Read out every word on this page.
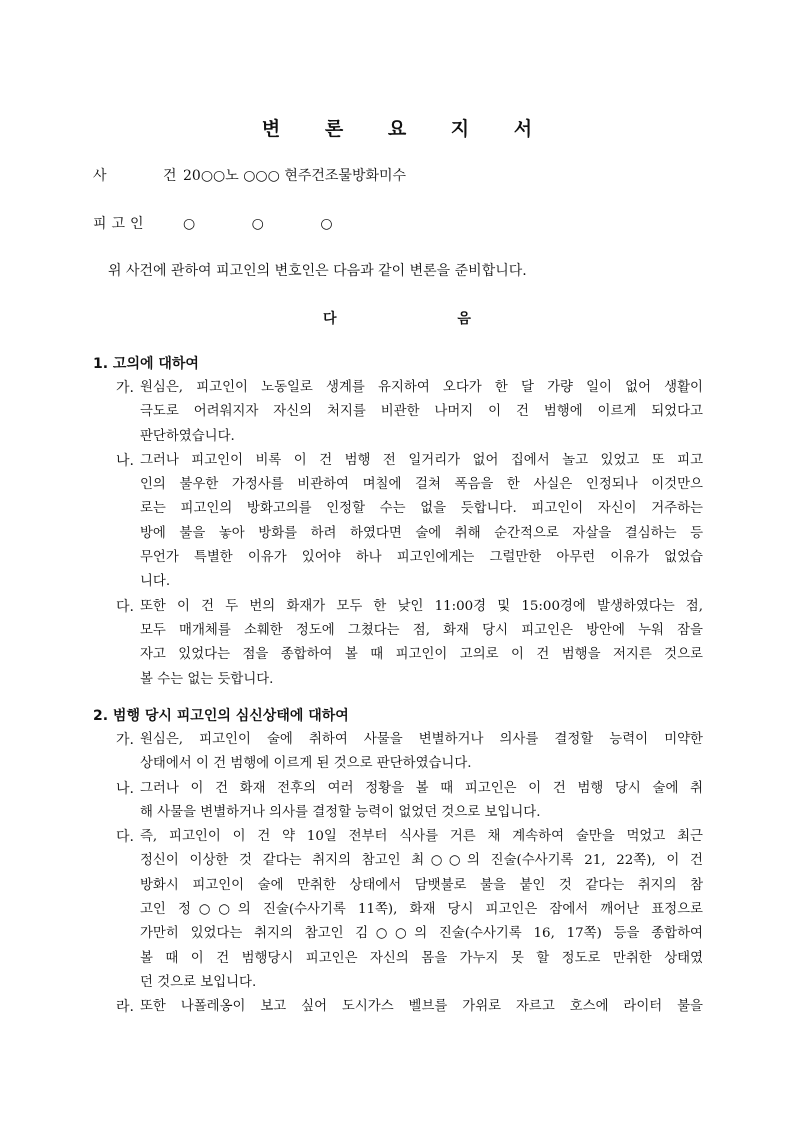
변 론 요 지 서
사 건20○○노 ○○○ 현주건조물방화미수
피고인 ○ ○ ○
위 사건에 관하여 피고인의 변호인은 다음과 같이 변론을 준비합니다.
다 음
1. 고의에 대하여
가. 원심은, 피고인이 노동일로 생계를 유지하여 오다가 한 달 가량 일이 없어 생활이
극도로 어려워지자 자신의 처지를 비관한 나머지 이 건 범행에 이르게 되었다고
판단하였습니다.
나. 그러나 피고인이 비록 이 건 범행 전 일거리가 없어 집에서 놀고 있었고 또 피고
인의 불우한 가정사를 비관하여 며칠에 걸쳐 폭음을 한 사실은 인정되나 이것만으
로는 피고인의 방화고의를 인정할 수는 없을 듯합니다. 피고인이 자신이 거주하는
방에 불을 놓아 방화를 하려 하였다면 술에 취해 순간적으로 자살을 결심하는 등
무언가 특별한 이유가 있어야 하나 피고인에게는 그럴만한 아무런 이유가 없었습
니다.
다. 또한 이 건 두 번의 화재가 모두 한 낮인 11:00경 및 15:00경에 발생하였다는 점,
모두 매개체를 소훼한 정도에 그쳤다는 점, 화재 당시 피고인은 방안에 누워 잠을
자고 있었다는 점을 종합하여 볼 때 피고인이 고의로 이 건 범행을 저지른 것으로
볼 수는 없는 듯합니다.
2. 범행 당시 피고인의 심신상태에 대하여
가. 원심은, 피고인이 술에 취하여 사물을 변별하거나 의사를 결정할 능력이 미약한
상태에서 이 건 범행에 이르게 된 것으로 판단하였습니다.
나. 그러나 이 건 화재 전후의 여러 정황을 볼 때 피고인은 이 건 범행 당시 술에 취
해 사물을 변별하거나 의사를 결정할 능력이 없었던 것으로 보입니다.
다. 즉, 피고인이 이 건 약 10일 전부터 식사를 거른 채 계속하여 술만을 먹었고 최근
정신이 이상한 것 같다는 취지의 참고인 최○○의 진술(수사기록 21, 22쪽), 이 건
방화시 피고인이 술에 만취한 상태에서 담뱃불로 불을 붙인 것 같다는 취지의 참
고인 정○○의 진술(수사기록 11쪽), 화재 당시 피고인은 잠에서 깨어난 표정으로
가만히 있었다는 취지의 참고인 김○○의 진술(수사기록 16, 17쪽) 등을 종합하여
볼 때 이 건 범행당시 피고인은 자신의 몸을 가누지 못 할 정도로 만취한 상태였
던 것으로 보입니다.
라. 또한 나폴레옹이 보고 싶어 도시가스 벨브를 가위로 자르고 호스에 라이터 불을
